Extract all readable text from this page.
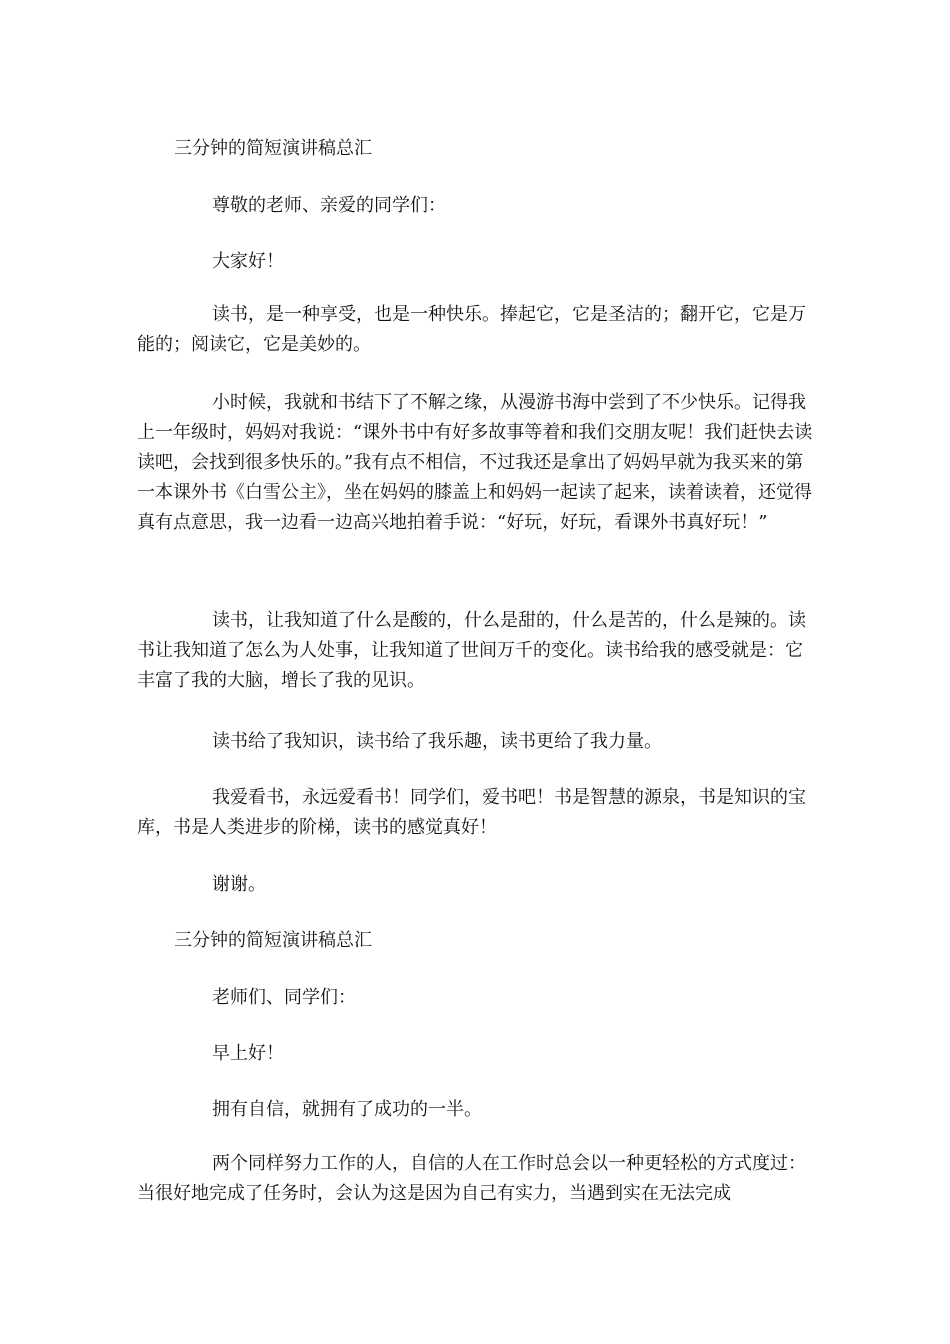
三分钟的简短演讲稿总汇
尊敬的老师、亲爱的同学们：
大家好！
读书，是一种享受，也是一种快乐。捧起它，它是圣洁的；翻开它，它是万能的；阅读它，它是美妙的。
小时候，我就和书结下了不解之缘，从漫游书海中尝到了不少快乐。记得我上一年级时，妈妈对我说：“课外书中有好多故事等着和我们交朋友呢！我们赶快去读读吧，会找到很多快乐的。”我有点不相信，不过我还是拿出了妈妈早就为我买来的第一本课外书《白雪公主》，坐在妈妈的膝盖上和妈妈一起读了起来，读着读着，还觉得真有点意思，我一边看一边高兴地拍着手说：“好玩，好玩，看课外书真好玩！”
读书，让我知道了什么是酸的，什么是甜的，什么是苦的，什么是辣的。读书让我知道了怎么为人处事，让我知道了世间万千的变化。读书给我的感受就是：它丰富了我的大脑，增长了我的见识。
读书给了我知识，读书给了我乐趣，读书更给了我力量。
我爱看书，永远爱看书！同学们，爱书吧！书是智慧的源泉，书是知识的宝库，书是人类进步的阶梯，读书的感觉真好！
谢谢。
三分钟的简短演讲稿总汇
老师们、同学们：
早上好！
拥有自信，就拥有了成功的一半。
两个同样努力工作的人，自信的人在工作时总会以一种更轻松的方式度过：当很好地完成了任务时，会认为这是因为自己有实力，当遇到实在无法完成
